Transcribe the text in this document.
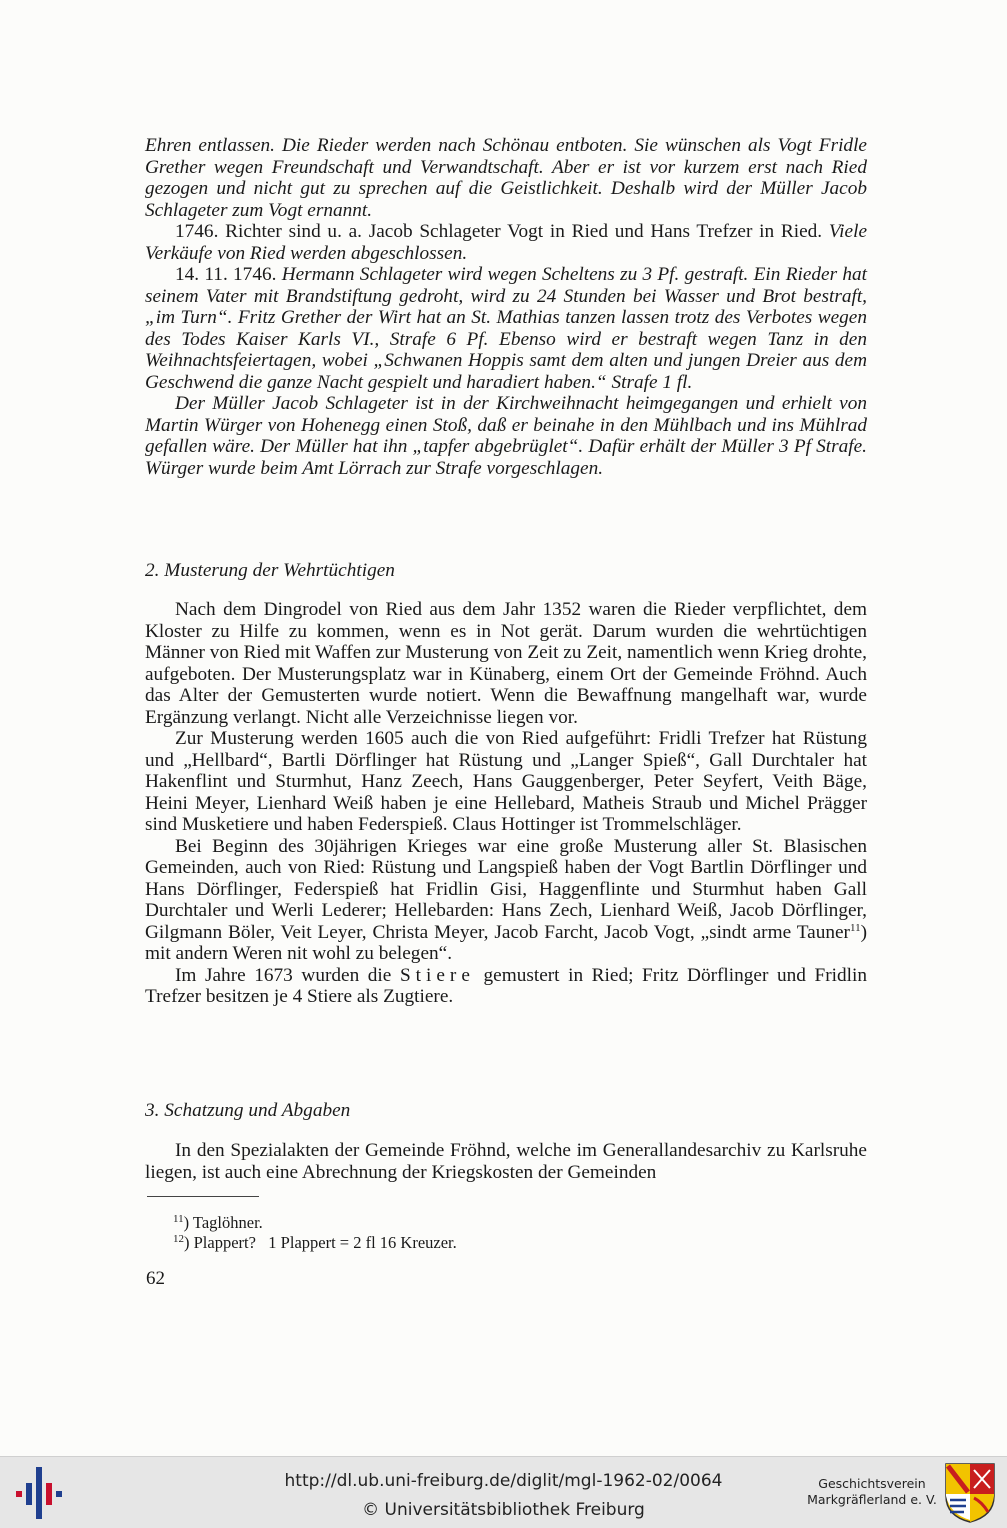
Ehren entlassen. Die Rieder werden nach Schönau entboten. Sie wünschen als Vogt Fridle Grether wegen Freundschaft und Verwandtschaft. Aber er ist vor kurzem erst nach Ried gezogen und nicht gut zu sprechen auf die Geistlichkeit. Deshalb wird der Müller Jacob Schlageter zum Vogt ernannt.

1746. Richter sind u. a. Jacob Schlageter Vogt in Ried und Hans Trefzer in Ried. Viele Verkäufe von Ried werden abgeschlossen.

14. 11. 1746. Hermann Schlageter wird wegen Scheltens zu 3 Pf. gestraft. Ein Rieder hat seinem Vater mit Brandstiftung gedroht, wird zu 24 Stunden bei Wasser und Brot bestraft, „im Turn“. Fritz Grether der Wirt hat an St. Mathias tanzen lassen trotz des Verbotes wegen des Todes Kaiser Karls VI., Strafe 6 Pf. Ebenso wird er bestraft wegen Tanz in den Weihnachtsfeiertagen, wobei „Schwanen Hoppis samt dem alten und jungen Dreier aus dem Geschwend die ganze Nacht gespielt und haradiert haben.“ Strafe 1 fl.

Der Müller Jacob Schlageter ist in der Kirchweihnacht heimgegangen und erhielt von Martin Würger von Hohenegg einen Stoß, daß er beinahe in den Mühlbach und ins Mühlrad gefallen wäre. Der Müller hat ihn „tapfer abgebrüglet“. Dafür erhält der Müller 3 Pf Strafe. Würger wurde beim Amt Lörrach zur Strafe vorgeschlagen.

2. Musterung der Wehrtüchtigen

Nach dem Dingrodel von Ried aus dem Jahr 1352 waren die Rieder verpflichtet, dem Kloster zu Hilfe zu kommen, wenn es in Not gerät. Darum wurden die wehrtüchtigen Männer von Ried mit Waffen zur Musterung von Zeit zu Zeit, namentlich wenn Krieg drohte, aufgeboten. Der Musterungsplatz war in Künaberg, einem Ort der Gemeinde Fröhnd. Auch das Alter der Gemusterten wurde notiert. Wenn die Bewaffnung mangelhaft war, wurde Ergänzung verlangt. Nicht alle Verzeichnisse liegen vor.

Zur Musterung werden 1605 auch die von Ried aufgeführt: Fridli Trefzer hat Rüstung und „Hellbard“, Bartli Dörflinger hat Rüstung und „Langer Spieß“, Gall Durchtaler hat Hakenflint und Sturmhut, Hanz Zeech, Hans Gauggenberger, Peter Seyfert, Veith Bäge, Heini Meyer, Lienhard Weiß haben je eine Hellebard, Matheis Straub und Michel Prägger sind Musketiere und haben Federspieß. Claus Hottinger ist Trommelschläger.

Bei Beginn des 30jährigen Krieges war eine große Musterung aller St. Blasischen Gemeinden, auch von Ried: Rüstung und Langspieß haben der Vogt Bartlin Dörflinger und Hans Dörflinger, Federspieß hat Fridlin Gisi, Haggenflinte und Sturmhut haben Gall Durchtaler und Werli Lederer; Hellebarden: Hans Zech, Lienhard Weiß, Jacob Dörflinger, Gilgmann Böler, Veit Leyer, Christa Meyer, Jacob Farcht, Jacob Vogt, „sindt arme Tauner$^{11}$) mit andern Weren nit wohl zu belegen“.

Im Jahre 1673 wurden die Stiere gemustert in Ried; Fritz Dörflinger und Fridlin Trefzer besitzen je 4 Stiere als Zugtiere.

3. Schatzung und Abgaben

In den Spezialakten der Gemeinde Fröhnd, welche im Generallandesarchiv zu Karlsruhe liegen, ist auch eine Abrechnung der Kriegskosten der Gemeinden

$^{11}$) Taglöhner.
$^{12}$) Plappert?   1 Plappert = 2 fl 16 Kreuzer.
62
http://dl.ub.uni-freiburg.de/diglit/mgl-1962-02/0064
© Universitätsbibliothek Freiburg
Geschichtsverein
Markgräflerland e. V.
